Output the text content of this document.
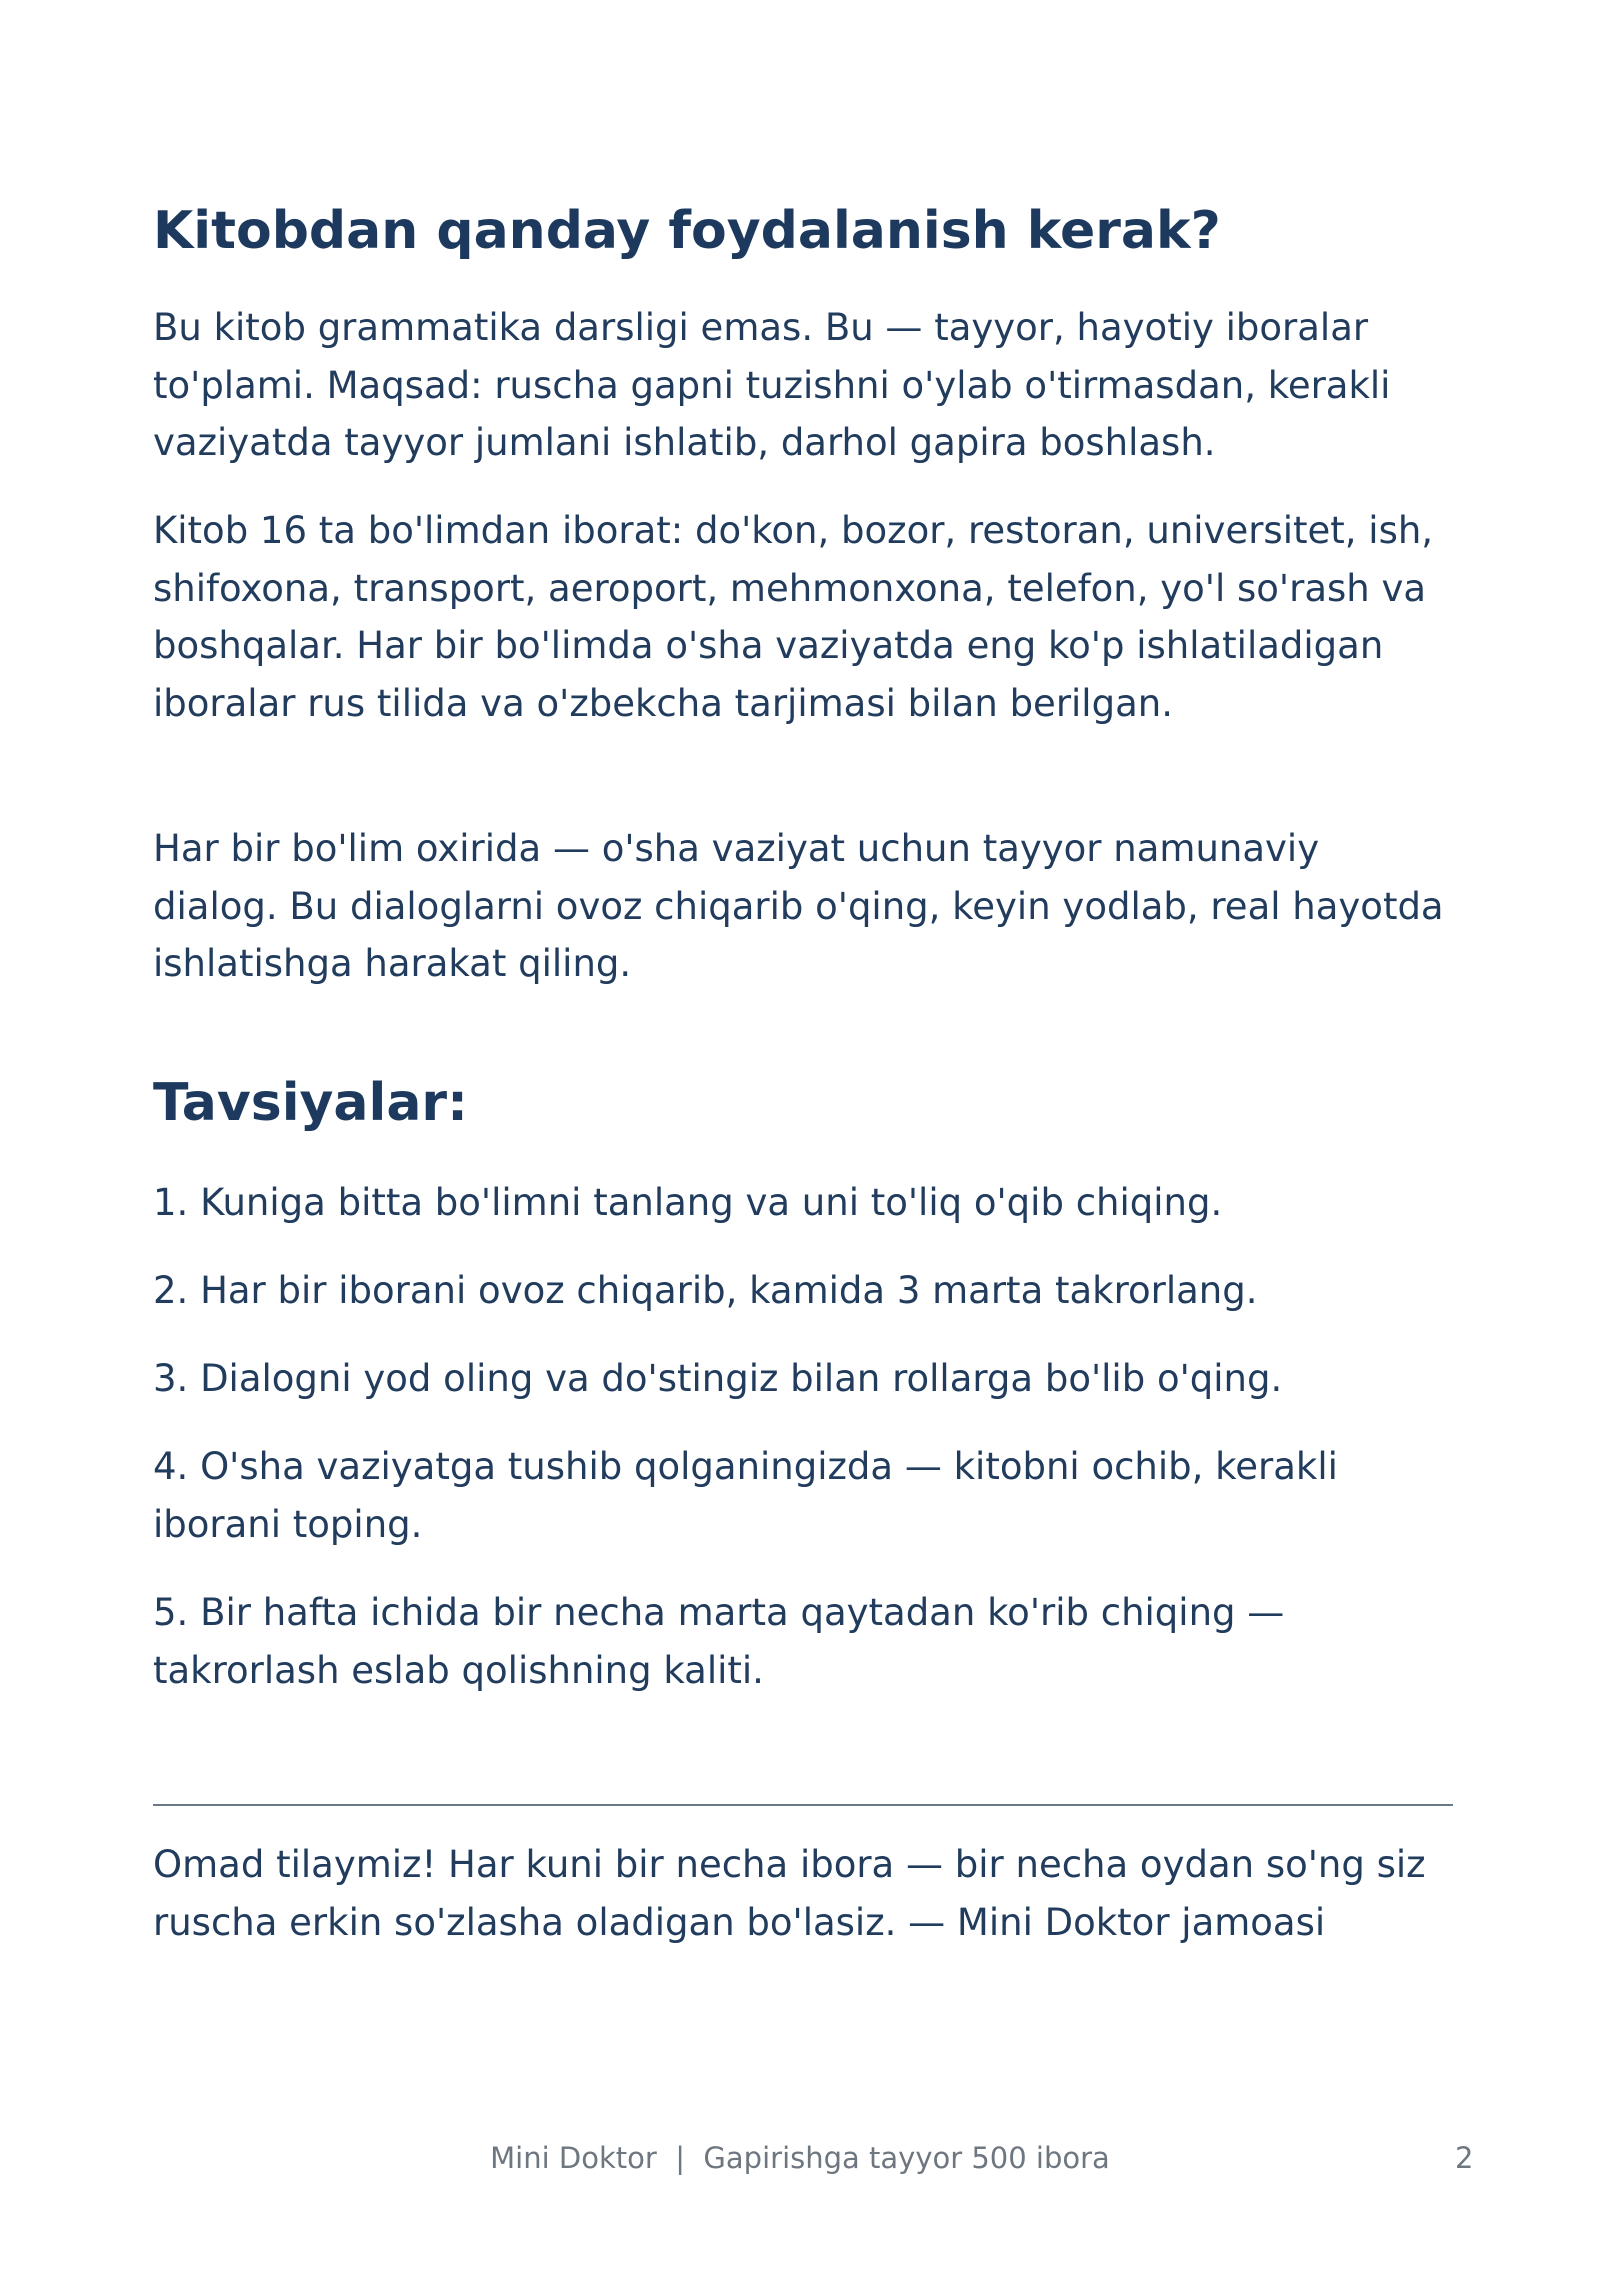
Kitobdan qanday foydalanish kerak?

Bu kitob grammatika darsligi emas. Bu — tayyor, hayotiy iboralar to'plami. Maqsad: ruscha gapni tuzishni o'ylab o'tirmasdan, kerakli vaziyatda tayyor jumlani ishlatib, darhol gapira boshlash.

Kitob 16 ta bo'limdan iborat: do'kon, bozor, restoran, universitet, ish, shifoxona, transport, aeroport, mehmonxona, telefon, yo'l so'rash va boshqalar. Har bir bo'limda o'sha vaziyatda eng ko'p ishlatiladigan iboralar rus tilida va o'zbekcha tarjimasi bilan berilgan.

Har bir bo'lim oxirida — o'sha vaziyat uchun tayyor namunaviy dialog. Bu dialoglarni ovoz chiqarib o'qing, keyin yodlab, real hayotda ishlatishga harakat qiling.

Tavsiyalar:

1. Kuniga bitta bo'limni tanlang va uni to'liq o'qib chiqing.

2. Har bir iborani ovoz chiqarib, kamida 3 marta takrorlang.

3. Dialogni yod oling va do'stingiz bilan rollarga bo'lib o'qing.

4. O'sha vaziyatga tushib qolganingizda — kitobni ochib, kerakli iborani toping.

5. Bir hafta ichida bir necha marta qaytadan ko'rib chiqing — takrorlash eslab qolishning kaliti.

Omad tilaymiz! Har kuni bir necha ibora — bir necha oydan so'ng siz ruscha erkin so'zlasha oladigan bo'lasiz. — Mini Doktor jamoasi

Mini Doktor  |  Gapirishga tayyor 500 ibora	2
